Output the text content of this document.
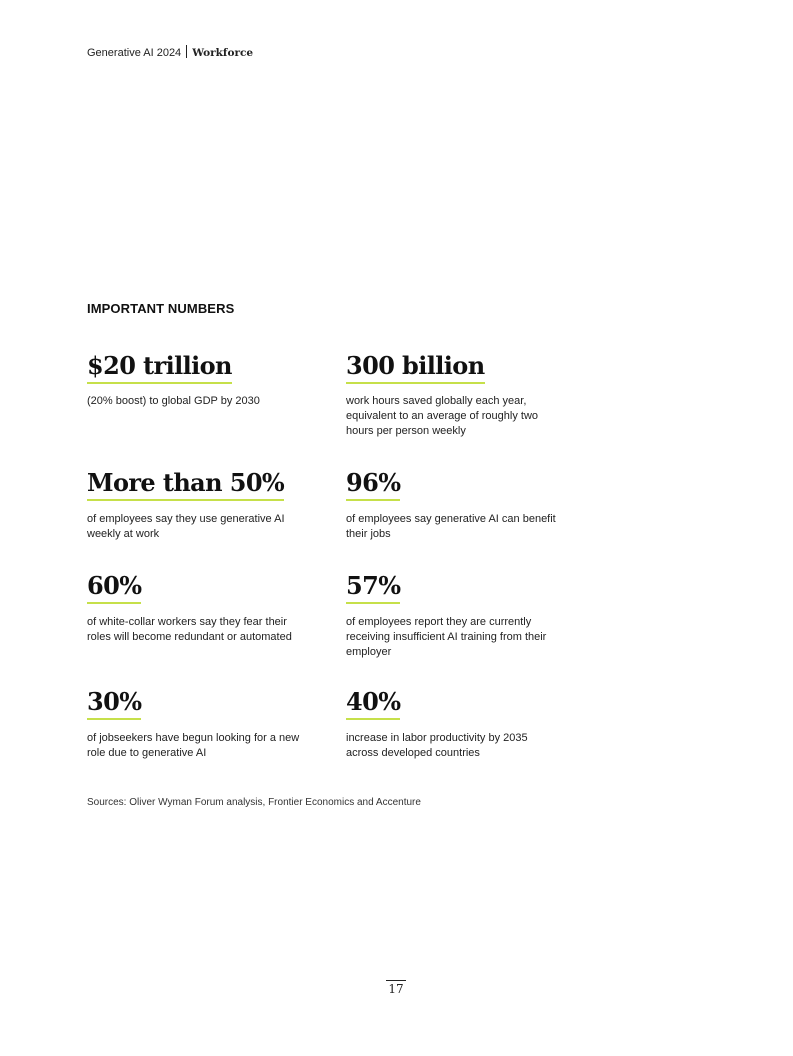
Generative AI 2024 Workforce
IMPORTANT NUMBERS
$20 trillion
(20% boost) to global GDP by 2030
300 billion
work hours saved globally each year, equivalent to an average of roughly two hours per person weekly
More than 50%
of employees say they use generative AI weekly at work
96%
of employees say generative AI can benefit their jobs
60%
of white-collar workers say they fear their roles will become redundant or automated
57%
of employees report they are currently receiving insufficient AI training from their employer
30%
of jobseekers have begun looking for a new role due to generative AI
40%
increase in labor productivity by 2035 across developed countries
Sources: Oliver Wyman Forum analysis, Frontier Economics and Accenture
17
